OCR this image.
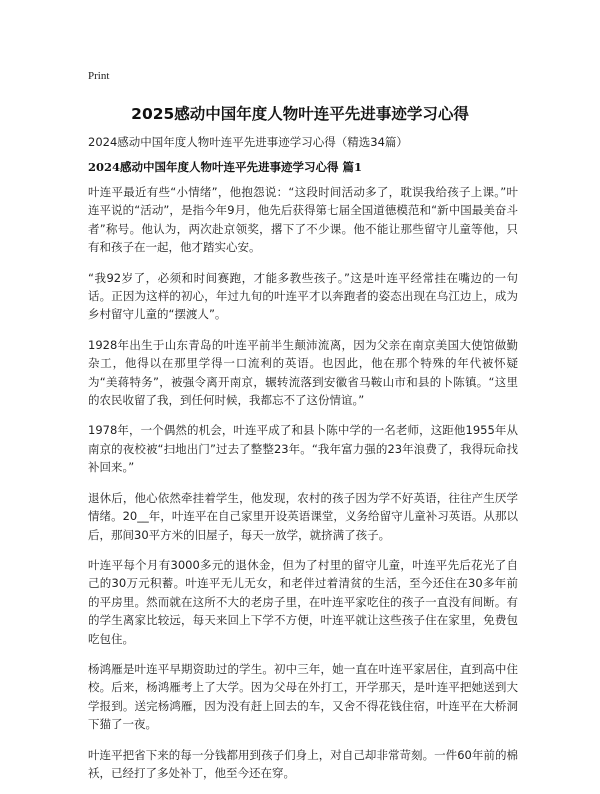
Print
2025感动中国年度人物叶连平先进事迹学习心得
2024感动中国年度人物叶连平先进事迹学习心得（精选34篇）
2024感动中国年度人物叶连平先进事迹学习心得 篇1

叶连平最近有些“小情绪”，他抱怨说：“这段时间活动多了，耽误我给孩子上课。”叶连平说的“活动”，是指今年9月，他先后获得第七届全国道德模范和“新中国最美奋斗者”称号。他认为，两次赴京领奖，撂下了不少课。他不能让那些留守儿童等他，只有和孩子在一起，他才踏实心安。

“我92岁了，必须和时间赛跑，才能多教些孩子。”这是叶连平经常挂在嘴边的一句话。正因为这样的初心，年过九旬的叶连平才以奔跑者的姿态出现在乌江边上，成为乡村留守儿童的“摆渡人”。

1928年出生于山东青岛的叶连平前半生颠沛流离，因为父亲在南京美国大使馆做勤杂工，他得以在那里学得一口流利的英语。也因此，他在那个特殊的年代被怀疑为“美蒋特务”，被强令离开南京，辗转流落到安徽省马鞍山市和县的卜陈镇。“这里的农民收留了我，到任何时候，我都忘不了这份情谊。”

1978年，一个偶然的机会，叶连平成了和县卜陈中学的一名老师，这距他1955年从南京的夜校被“扫地出门”过去了整整23年。“我年富力强的23年浪费了，我得玩命找补回来。”

退休后，他心依然牵挂着学生，他发现，农村的孩子因为学不好英语，往往产生厌学情绪。20__年，叶连平在自己家里开设英语课堂，义务给留守儿童补习英语。从那以后，那间30平方米的旧屋子，每天一放学，就挤满了孩子。

叶连平每个月有3000多元的退休金，但为了村里的留守儿童，叶连平先后花光了自己的30万元积蓄。叶连平无儿无女，和老伴过着清贫的生活，至今还住在30多年前的平房里。然而就在这所不大的老房子里，在叶连平家吃住的孩子一直没有间断。有的学生离家比较远，每天来回上下学不方便，叶连平就让这些孩子住在家里，免费包吃包住。

杨鸿雁是叶连平早期资助过的学生。初中三年，她一直在叶连平家居住，直到高中住校。后来，杨鸿雁考上了大学。因为父母在外打工，开学那天，是叶连平把她送到大学报到。送完杨鸿雁，因为没有赶上回去的车，又舍不得花钱住宿，叶连平在大桥洞下猫了一夜。

叶连平把省下来的每一分钱都用到孩子们身上，对自己却非常苛刻。一件60年前的棉袄，已经打了多处补丁，他至今还在穿。
